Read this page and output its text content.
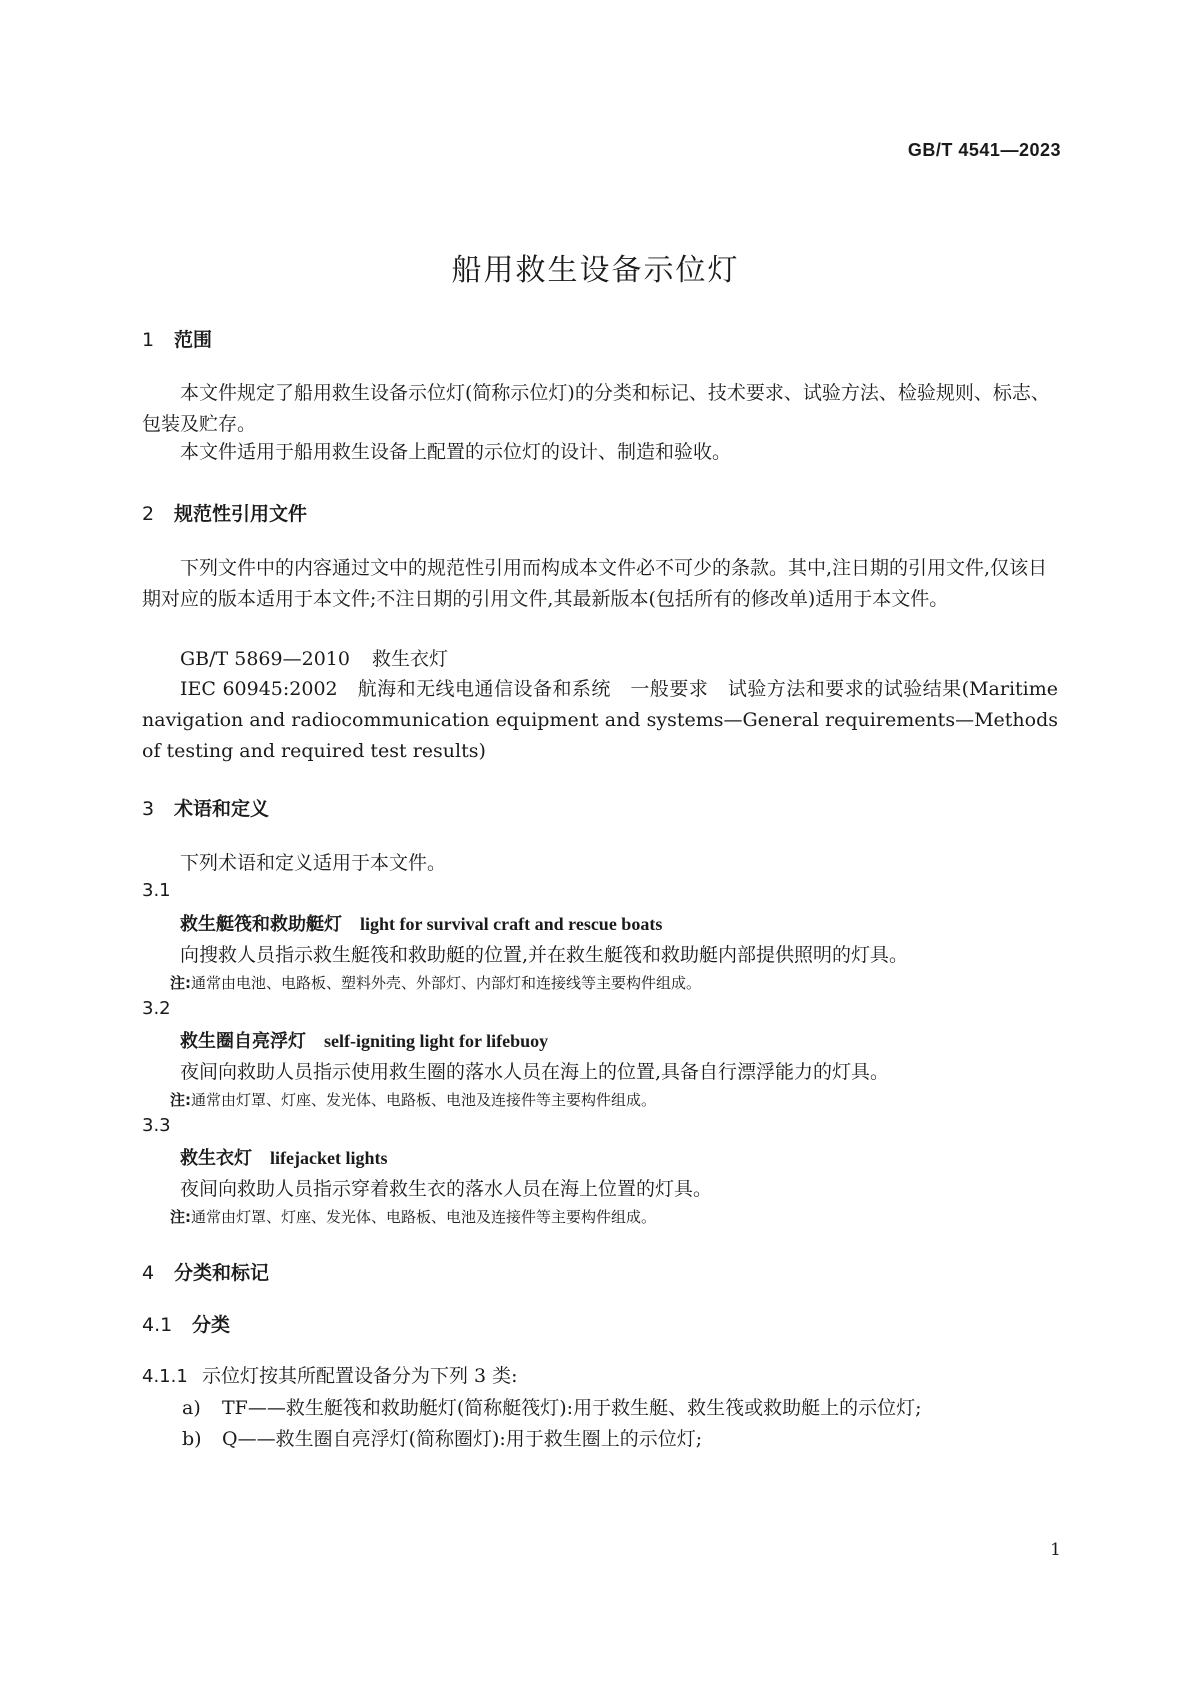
GB/T 4541—2023
船用救生设备示位灯
1 范围
本文件规定了船用救生设备示位灯(简称示位灯)的分类和标记、技术要求、试验方法、检验规则、标志、包装及贮存。
本文件适用于船用救生设备上配置的示位灯的设计、制造和验收。
2 规范性引用文件
下列文件中的内容通过文中的规范性引用而构成本文件必不可少的条款。其中,注日期的引用文件,仅该日期对应的版本适用于本文件;不注日期的引用文件,其最新版本(包括所有的修改单)适用于本文件。
GB/T 5869—2010 救生衣灯
IEC 60945:2002　航海和无线电通信设备和系统　一般要求　试验方法和要求的试验结果(Maritime navigation and radiocommunication equipment and systems—General requirements—Methods of testing and required test results)
3 术语和定义
下列术语和定义适用于本文件。
3.1
救生艇筏和救助艇灯 light for survival craft and rescue boats
向搜救人员指示救生艇筏和救助艇的位置,并在救生艇筏和救助艇内部提供照明的灯具。
注:通常由电池、电路板、塑料外壳、外部灯、内部灯和连接线等主要构件组成。
3.2
救生圈自亮浮灯 self-igniting light for lifebuoy
夜间向救助人员指示使用救生圈的落水人员在海上的位置,具备自行漂浮能力的灯具。
注:通常由灯罩、灯座、发光体、电路板、电池及连接件等主要构件组成。
3.3
救生衣灯 lifejacket lights
夜间向救助人员指示穿着救生衣的落水人员在海上位置的灯具。
注:通常由灯罩、灯座、发光体、电路板、电池及连接件等主要构件组成。
4 分类和标记
4.1 分类
4.1.1 示位灯按其所配置设备分为下列 3 类:
a) TF——救生艇筏和救助艇灯(简称艇筏灯):用于救生艇、救生筏或救助艇上的示位灯;
b) Q——救生圈自亮浮灯(简称圈灯):用于救生圈上的示位灯;
1
